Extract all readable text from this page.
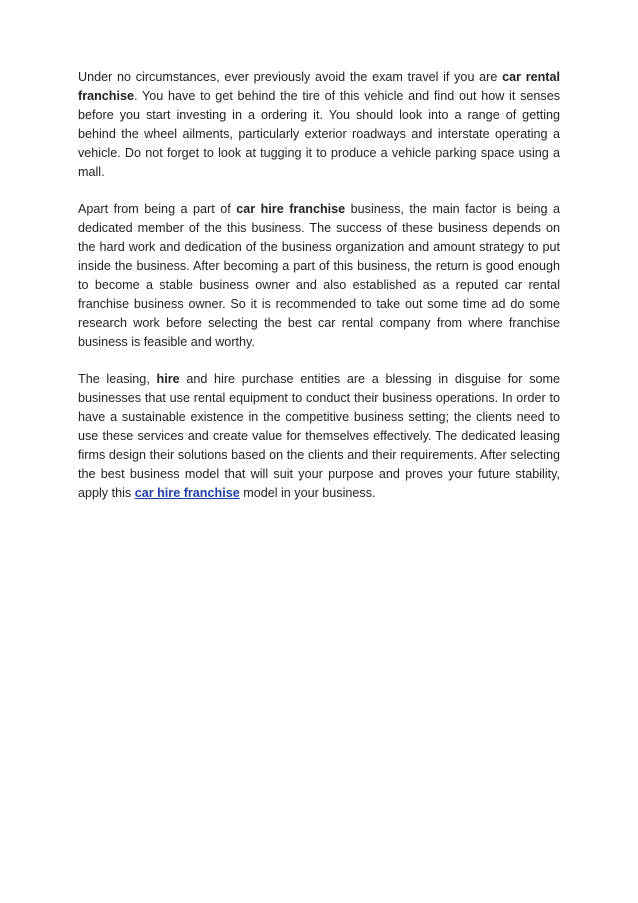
Under no circumstances, ever previously avoid the exam travel if you are car rental franchise. You have to get behind the tire of this vehicle and find out how it senses before you start investing in a ordering it. You should look into a range of getting behind the wheel ailments, particularly exterior roadways and interstate operating a vehicle. Do not forget to look at tugging it to produce a vehicle parking space using a mall.

Apart from being a part of car hire franchise business, the main factor is being a dedicated member of the this business. The success of these business depends on the hard work and dedication of the business organization and amount strategy to put inside the business. After becoming a part of this business, the return is good enough to become a stable business owner and also established as a reputed car rental franchise business owner. So it is recommended to take out some time ad do some research work before selecting the best car rental company from where franchise business is feasible and worthy.

The leasing, hire and hire purchase entities are a blessing in disguise for some businesses that use rental equipment to conduct their business operations. In order to have a sustainable existence in the competitive business setting; the clients need to use these services and create value for themselves effectively. The dedicated leasing firms design their solutions based on the clients and their requirements. After selecting the best business model that will suit your purpose and proves your future stability, apply this car hire franchise model in your business.
